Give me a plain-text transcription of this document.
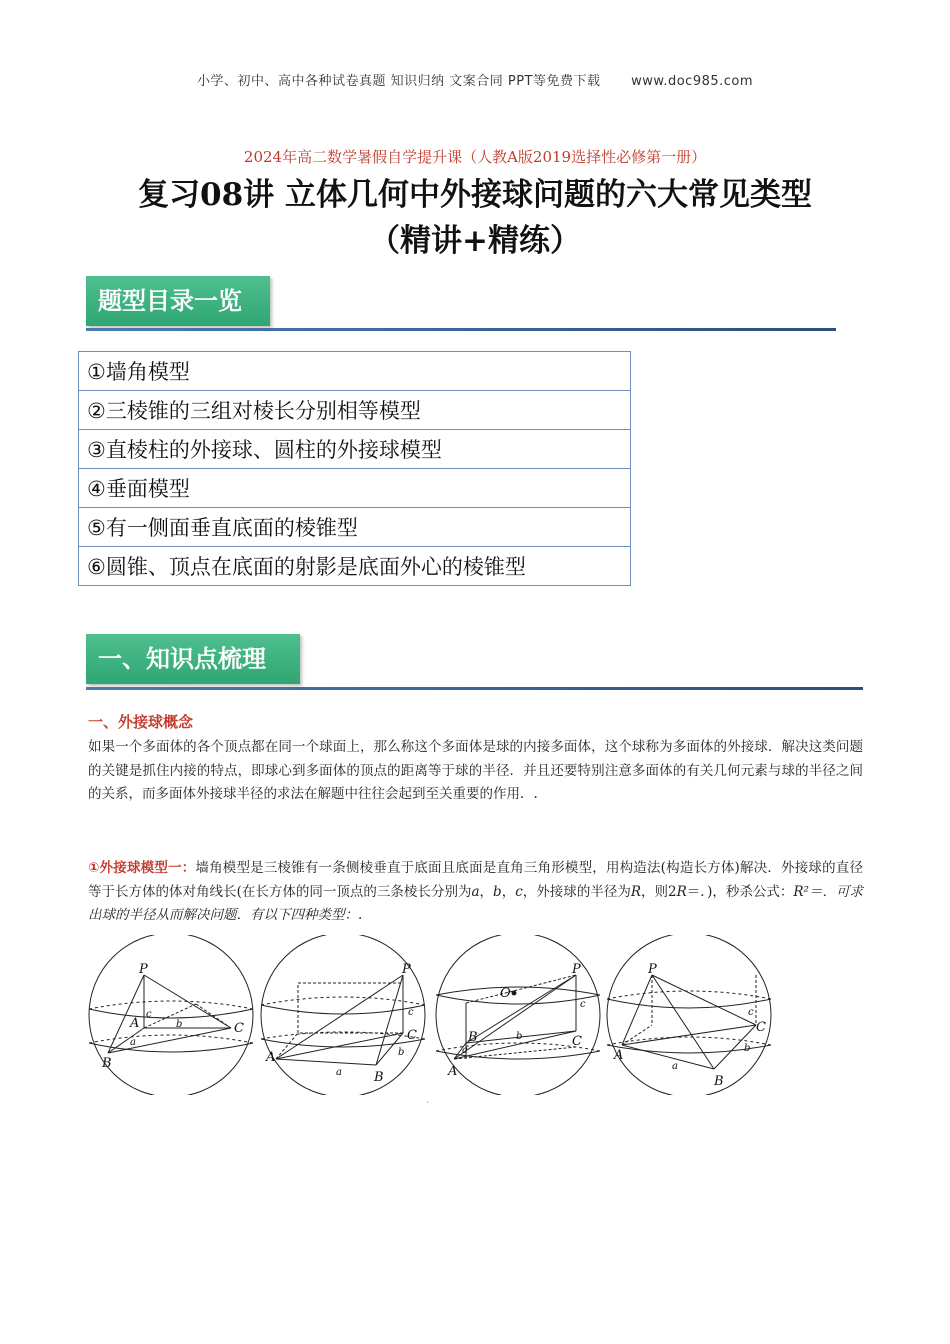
小学、初中、高中各种试卷真题 知识归纳 文案合同 PPT等免费下载 www.doc985.com
2024年高二数学暑假自学提升课（人教A版2019选择性必修第一册）
复习08讲 立体几何中外接球问题的六大常见类型
（精讲+精练）
题型目录一览
①墙角模型
②三棱锥的三组对棱长分别相等模型
③直棱柱的外接球、圆柱的外接球模型
④垂面模型
⑤有一侧面垂直底面的棱锥型
⑥圆锥、顶点在底面的射影是底面外心的棱锥型
一、知识点梳理
一、外接球概念
如果一个多面体的各个顶点都在同一个球面上，那么称这个多面体是球的内接多面体，这个球称为多面体的外接球．解决这类问题的关键是抓住内接的特点，即球心到多面体的顶点的距离等于球的半径．并且还要特别注意多面体的有关几何元素与球的半径之间的关系，而多面体外接球半径的求法在解题中往往会起到至关重要的作用．.
①外接球模型一：墙角模型是三棱锥有一条侧棱垂直于底面且底面是直角三角形模型，用构造法(构造长方体)解决．外接球的直径等于长方体的体对角线长(在长方体的同一顶点的三条棱长分别为a，b，c，外接球的半径为R，则2R＝．)，秒杀公式：R²＝．可求出球的半径从而解决问题．有以下四种类型：.
P
A
B
C
c
b
a
P
A
B
C
c
b
a
P
O
A
B	C
c
b
a
P
A
B
C
c
b
a
·
